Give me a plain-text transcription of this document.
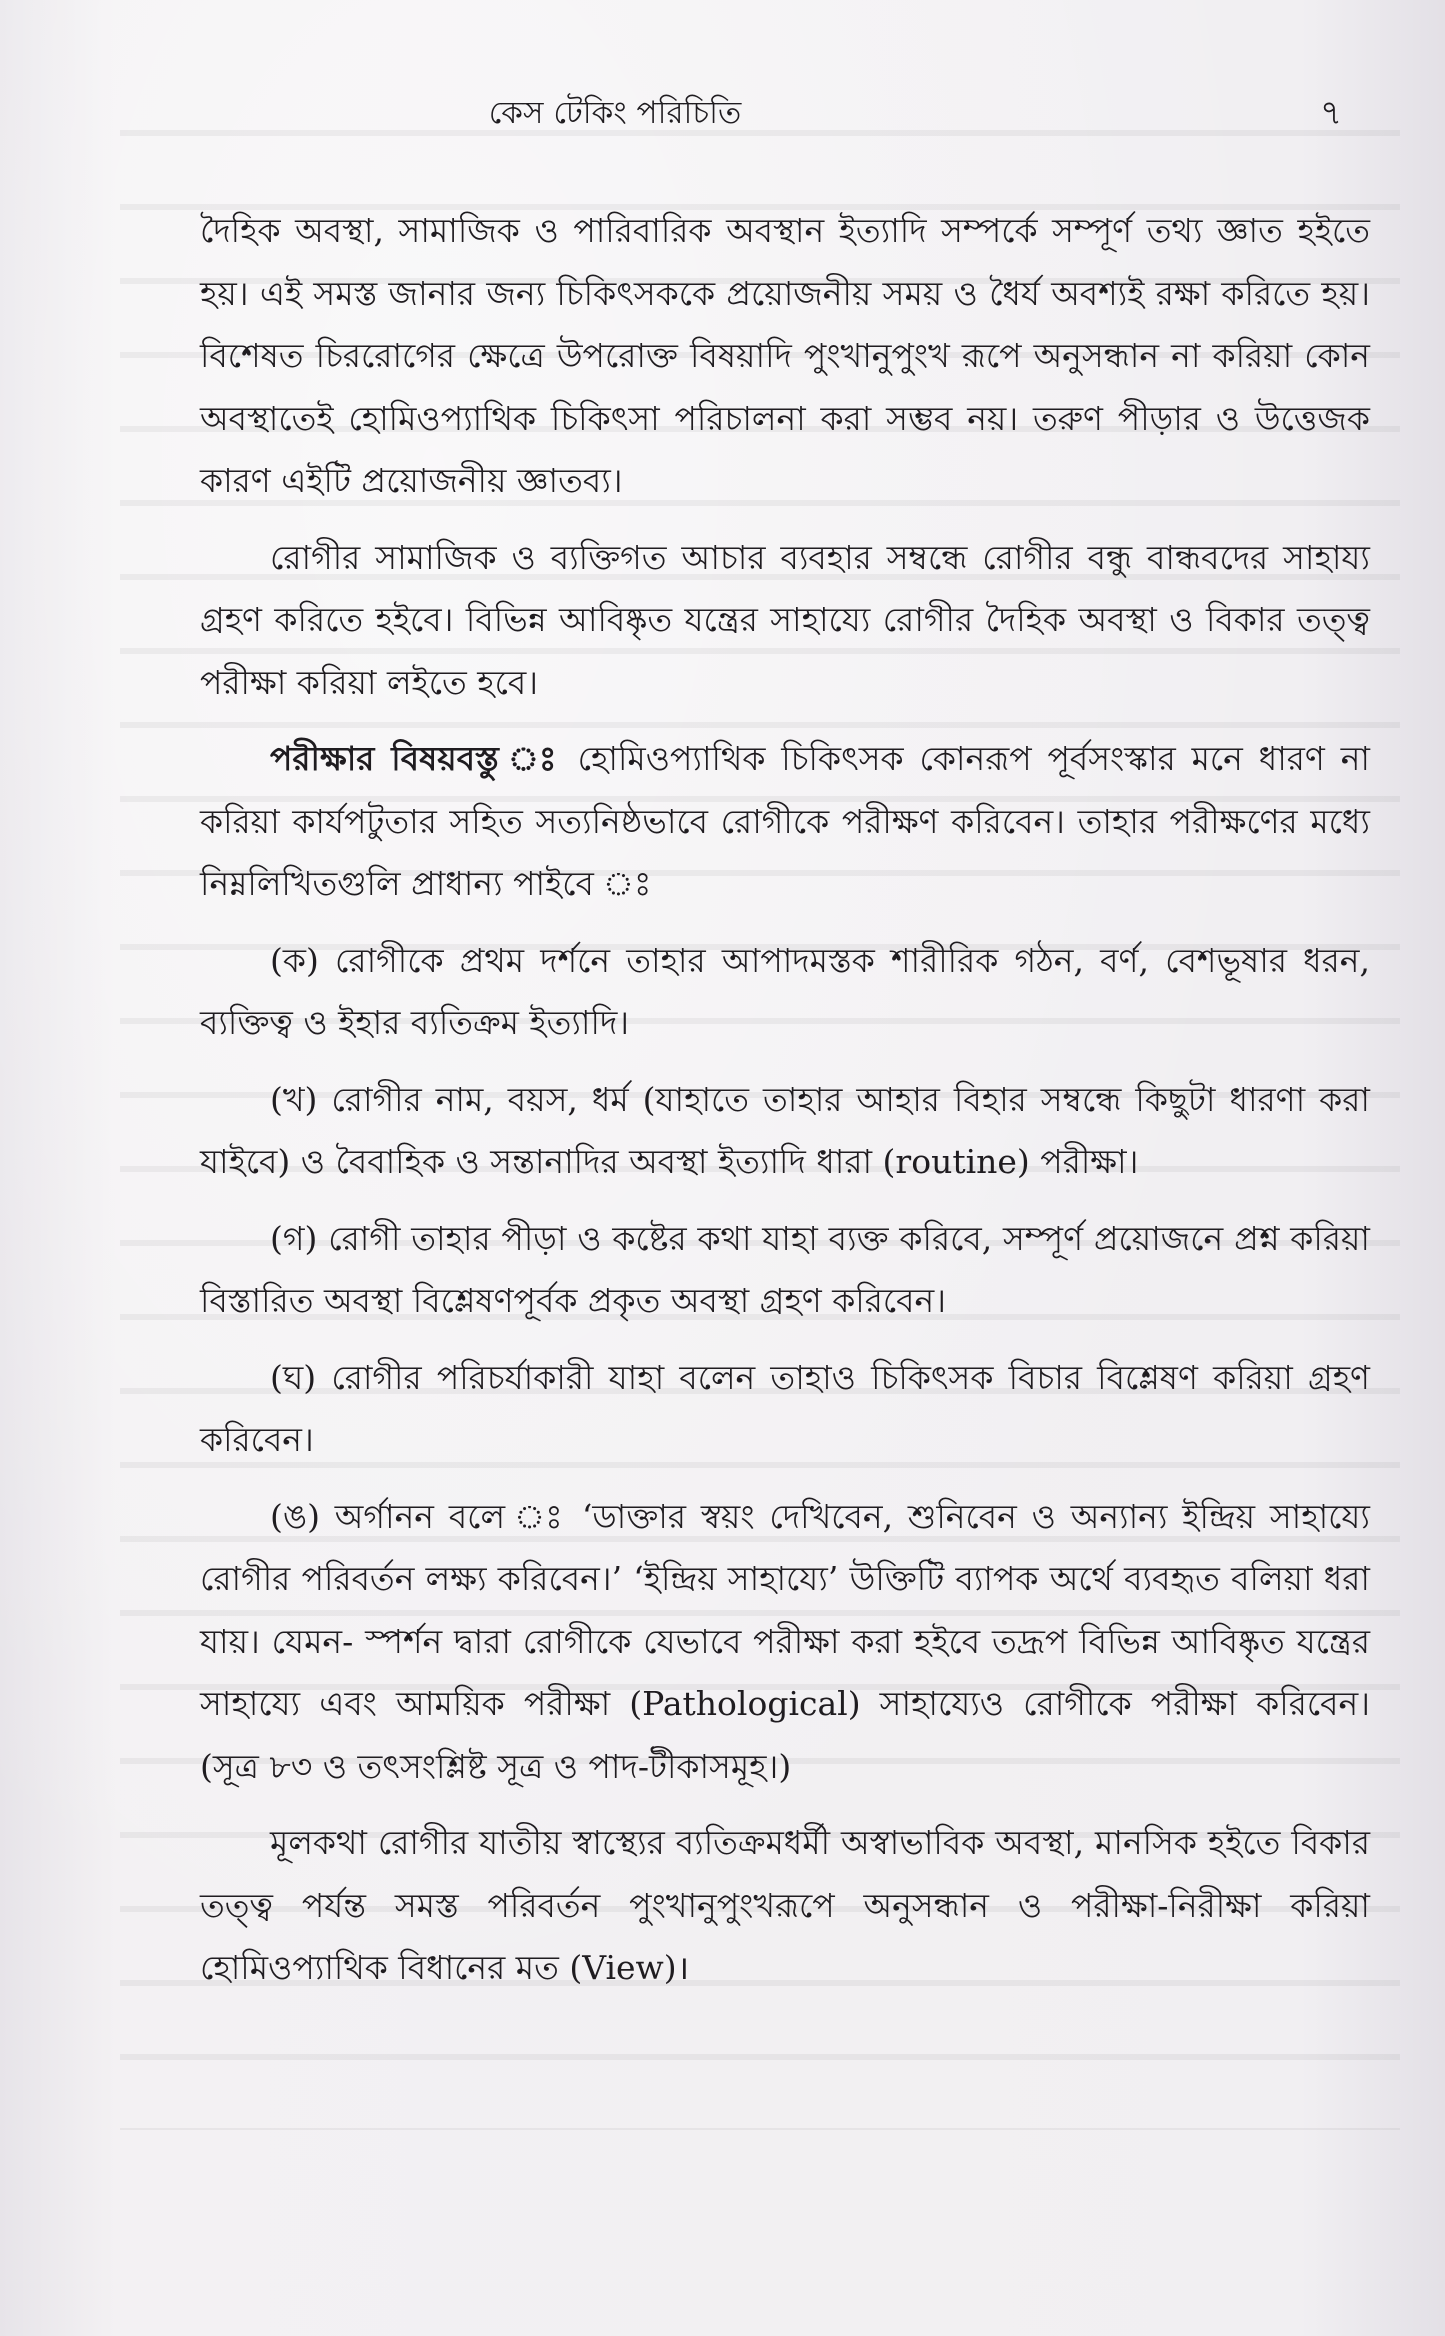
কেস টেকিং পরিচিতি	৭

দৈহিক অবস্থা, সামাজিক ও পারিবারিক অবস্থান ইত্যাদি সম্পর্কে সম্পূর্ণ তথ্য জ্ঞাত হইতে হয়। এই সমস্ত জানার জন্য চিকিৎসককে প্রয়োজনীয় সময় ও ধৈর্য অবশ্যই রক্ষা করিতে হয়। বিশেষত চিররোগের ক্ষেত্রে উপরোক্ত বিষয়াদি পুংখানুপুংখ রূপে অনুসন্ধান না করিয়া কোন অবস্থাতেই হোমিওপ্যাথিক চিকিৎসা পরিচালনা করা সম্ভব নয়। তরুণ পীড়ার ও উত্তেজক কারণ এইটি প্রয়োজনীয় জ্ঞাতব্য।

রোগীর সামাজিক ও ব্যক্তিগত আচার ব্যবহার সম্বন্ধে রোগীর বন্ধু বান্ধবদের সাহায্য গ্রহণ করিতে হইবে। বিভিন্ন আবিষ্কৃত যন্ত্রের সাহায্যে রোগীর দৈহিক অবস্থা ও বিকার তত্ত্ব পরীক্ষা করিয়া লইতে হবে।

পরীক্ষার বিষয়বস্তু ঃ হোমিওপ্যাথিক চিকিৎসক কোনরূপ পূর্বসংস্কার মনে ধারণ না করিয়া কার্যপটুতার সহিত সত্যনিষ্ঠভাবে রোগীকে পরীক্ষণ করিবেন। তাহার পরীক্ষণের মধ্যে নিম্নলিখিতগুলি প্রাধান্য পাইবে ঃ

(ক) রোগীকে প্রথম দর্শনে তাহার আপাদমস্তক শারীরিক গঠন, বর্ণ, বেশভূষার ধরন, ব্যক্তিত্ব ও ইহার ব্যতিক্রম ইত্যাদি।

(খ) রোগীর নাম, বয়স, ধর্ম (যাহাতে তাহার আহার বিহার সম্বন্ধে কিছুটা ধারণা করা যাইবে) ও বৈবাহিক ও সন্তানাদির অবস্থা ইত্যাদি ধারা (routine) পরীক্ষা।

(গ) রোগী তাহার পীড়া ও কষ্টের কথা যাহা ব্যক্ত করিবে, সম্পূর্ণ প্রয়োজনে প্রশ্ন করিয়া বিস্তারিত অবস্থা বিশ্লেষণপূর্বক প্রকৃত অবস্থা গ্রহণ করিবেন।

(ঘ) রোগীর পরিচর্যাকারী যাহা বলেন তাহাও চিকিৎসক বিচার বিশ্লেষণ করিয়া গ্রহণ করিবেন।

(ঙ) অর্গানন বলে ঃ ‘ডাক্তার স্বয়ং দেখিবেন, শুনিবেন ও অন্যান্য ইন্দ্রিয় সাহায্যে রোগীর পরিবর্তন লক্ষ্য করিবেন।’ ‘ইন্দ্রিয় সাহায্যে’ উক্তিটি ব্যাপক অর্থে ব্যবহৃত বলিয়া ধরা যায়। যেমন- স্পর্শন দ্বারা রোগীকে যেভাবে পরীক্ষা করা হইবে তদ্রূপ বিভিন্ন আবিষ্কৃত যন্ত্রের সাহায্যে এবং আময়িক পরীক্ষা (Pathological) সাহায্যেও রোগীকে পরীক্ষা করিবেন। (সূত্র ৮৩ ও তৎসংশ্লিষ্ট সূত্র ও পাদ-টীকাসমূহ।)

মূলকথা রোগীর যাতীয় স্বাস্থ্যের ব্যতিক্রমধর্মী অস্বাভাবিক অবস্থা, মানসিক হইতে বিকার তত্ত্ব পর্যন্ত সমস্ত পরিবর্তন পুংখানুপুংখরূপে অনুসন্ধান ও পরীক্ষা-নিরীক্ষা করিয়া হোমিওপ্যাথিক বিধানের মত (View)।
